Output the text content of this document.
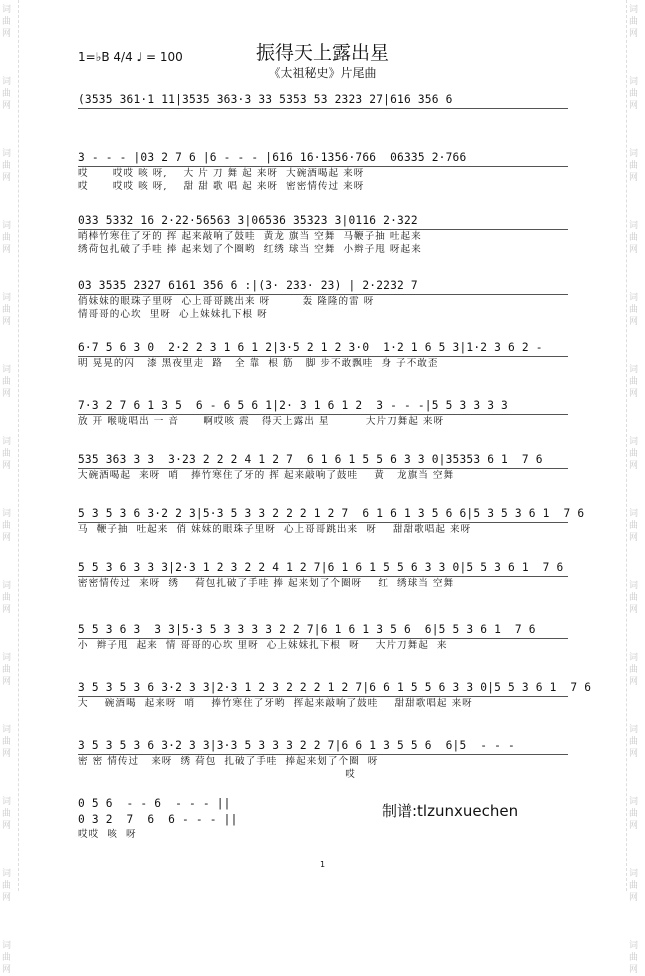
词
曲
网

词
曲
网

词
曲
网

词
曲
网

词
曲
网

词
曲
网

词
曲
网

词
曲
网

词
曲
网

词
曲
网

词
曲
网

词
曲
网

词
曲
网

词
曲
网
词
曲
网

词
曲
网

词
曲
网

词
曲
网

词
曲
网

词
曲
网

词
曲
网

词
曲
网

词
曲
网

词
曲
网

词
曲
网

词
曲
网

词
曲
网

词
曲
网
1=♭B 4/4 ♩ = 100	振得天上露出星
《太祖秘史》片尾曲
(3535 361·1 11|3535 363·3 33 5353 53 2323 27|616 356 6
3 - - - |03 2 7 6 |6 - - - |616 16·1356·766  06335 2·766
哎      哎哎 咳 呀,    大 片 刀 舞 起 来呀  大碗酒喝起 来呀
哎      哎哎 咳 呀,    甜 甜 歌 唱 起 来呀  密密情传过 来呀
033 5332 16 2·22·56563 3|06536 35323 3|0116 2·322
哨棒竹寒住了牙的 挥 起来敲响了鼓哇  黄龙 旗当 空舞  马鞭子抽 吐起来
绣荷包扎破了手哇 捧 起来划了个圈哟  红绣 球当 空舞  小辫子甩 呀起来
03 3535 2327 6161 356 6 :|(3· 233· 23) | 2·2232 7
俏妹妹的眼珠子里呀  心上哥哥跳出来 呀        轰 隆隆的雷 呀
情哥哥的心坎  里呀  心上妹妹扎下根 呀
6·7 5 6 3 0  2·2 2 3 1 6 1 2|3·5 2 1 2 3·0  1·2 1 6 5 3|1·2 3 6 2 -
明 晃晃的闪   漆 黑夜里走  路   全 靠  根 筋   脚 步不敢飘哇  身 子不敢歪
7·3 2 7 6 1 3 5  6 - 6 5 6 1|2· 3 1 6 1 2  3 - - -|5 5 3 3 3 3
放 开 喉咙唱出 一 音      啊哎咳 震   得天上露出 星         大片刀舞起 来呀
535 363 3 3  3·23 2 2 2 4 1 2 7  6 1 6 1 5 5 6 3 3 0|35353 6 1  7 6
大碗酒喝起  来呀  哨   捧竹寒住了牙的 挥 起来敲响了鼓哇    黄   龙旗当 空舞
5 3 5 3 6 3·2 2 3|5·3 5 3 3 2 2 2 1 2 7  6 1 6 1 3 5 6 6|5 3 5 3 6 1  7 6
马  鞭子抽  吐起来  俏 妹妹的眼珠子里呀  心上哥哥跳出来  呀    甜甜歌唱起 来呀
5 5 3 6 3 3 3|2·3 1 2 3 2 2 4 1 2 7|6 1 6 1 5 5 6 3 3 0|5 5 3 6 1  7 6
密密情传过  来呀  绣    荷包扎破了手哇 捧 起来划了个圈呀    红  绣球当 空舞
5 5 3 6 3  3 3|5·3 5 3 3 3 3 2 2 7|6 1 6 1 3 5 6  6|5 5 3 6 1  7 6
小  辫子甩  起来  情 哥哥的心坎 里呀  心上妹妹扎下根  呀    大片刀舞起  来
3 5 3 5 3 6 3·2 3 3|2·3 1 2 3 2 2 2 1 2 7|6 6 1 5 5 6 3 3 0|5 5 3 6 1  7 6
大    碗酒喝  起来呀  哨    捧竹寒住了牙哟  挥起来敲响了鼓哇    甜甜歌唱起 来呀
3 5 3 5 3 6 3·2 3 3|3·3 5 3 3 3 2 2 7|6 6 1 3 5 5 6  6|5  - - -
密 密 情传过   来呀  绣 荷包  扎破了手哇  捧起来划了个圈  呀
哎
0 5 6  - - 6  - - - ||
0 3 2  7  6  6 - - - ||
哎哎  咳  呀
制谱:tlzunxuechen
1
